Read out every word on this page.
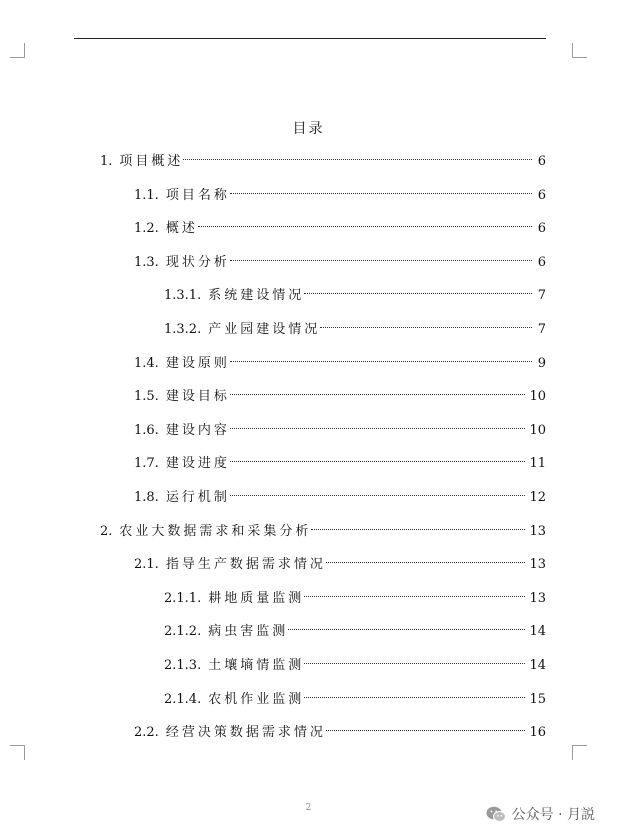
目录
1. 项目概述	6
1.1. 项目名称	6
1.2. 概述	6
1.3. 现状分析	6
1.3.1. 系统建设情况	7
1.3.2. 产业园建设情况	7
1.4. 建设原则	9
1.5. 建设目标	10
1.6. 建设内容	10
1.7. 建设进度	11
1.8. 运行机制	12
2. 农业大数据需求和采集分析	13
2.1. 指导生产数据需求情况	13
2.1.1. 耕地质量监测	13
2.1.2. 病虫害监测	14
2.1.3. 土壤墒情监测	14
2.1.4. 农机作业监测	15
2.2. 经营决策数据需求情况	16
2	公众号 · 月説
